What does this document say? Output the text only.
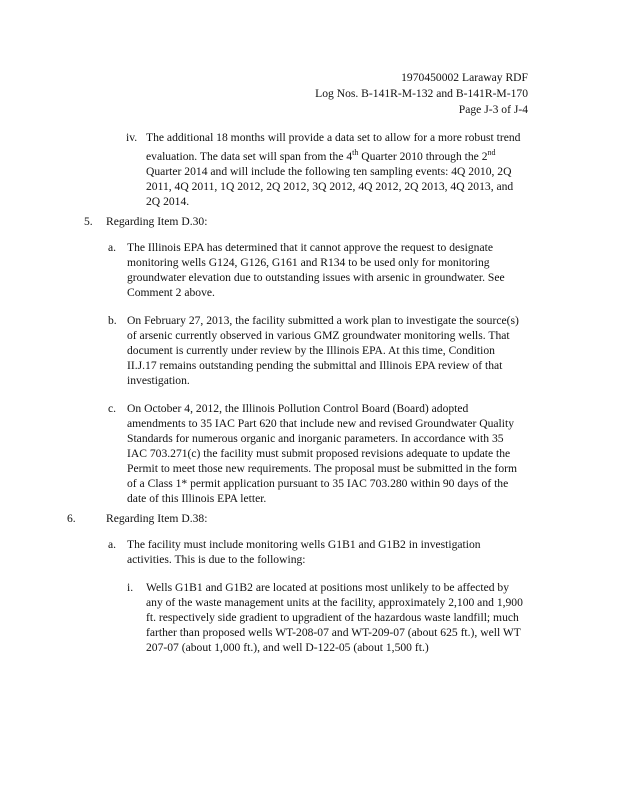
1970450002 Laraway RDF
Log Nos. B-141R-M-132 and B-141R-M-170
Page J-3 of J-4
iv. The additional 18 months will provide a data set to allow for a more robust trend
evaluation. The data set will span from the 4th Quarter 2010 through the 2nd
Quarter 2014 and will include the following ten sampling events: 4Q 2010, 2Q
2011, 4Q 2011, 1Q 2012, 2Q 2012, 3Q 2012, 4Q 2012, 2Q 2013, 4Q 2013, and
2Q 2014.
5. Regarding Item D.30:
a. The Illinois EPA has determined that it cannot approve the request to designate
monitoring wells G124, G126, G161 and R134 to be used only for monitoring
groundwater elevation due to outstanding issues with arsenic in groundwater. See
Comment 2 above.
b. On February 27, 2013, the facility submitted a work plan to investigate the source(s)
of arsenic currently observed in various GMZ groundwater monitoring wells. That
document is currently under review by the Illinois EPA. At this time, Condition
II.J.17 remains outstanding pending the submittal and Illinois EPA review of that
investigation.
c. On October 4, 2012, the Illinois Pollution Control Board (Board) adopted
amendments to 35 IAC Part 620 that include new and revised Groundwater Quality
Standards for numerous organic and inorganic parameters. In accordance with 35
IAC 703.271(c) the facility must submit proposed revisions adequate to update the
Permit to meet those new requirements. The proposal must be submitted in the form
of a Class 1* permit application pursuant to 35 IAC 703.280 within 90 days of the
date of this Illinois EPA letter.
6.	Regarding Item D.38:
a. The facility must include monitoring wells G1B1 and G1B2 in investigation
activities. This is due to the following:
i. Wells G1B1 and G1B2 are located at positions most unlikely to be affected by
any of the waste management units at the facility, approximately 2,100 and 1,900
ft. respectively side gradient to upgradient of the hazardous waste landfill; much
farther than proposed wells WT-208-07 and WT-209-07 (about 625 ft.), well WT
207-07 (about 1,000 ft.), and well D-122-05 (about 1,500 ft.)
